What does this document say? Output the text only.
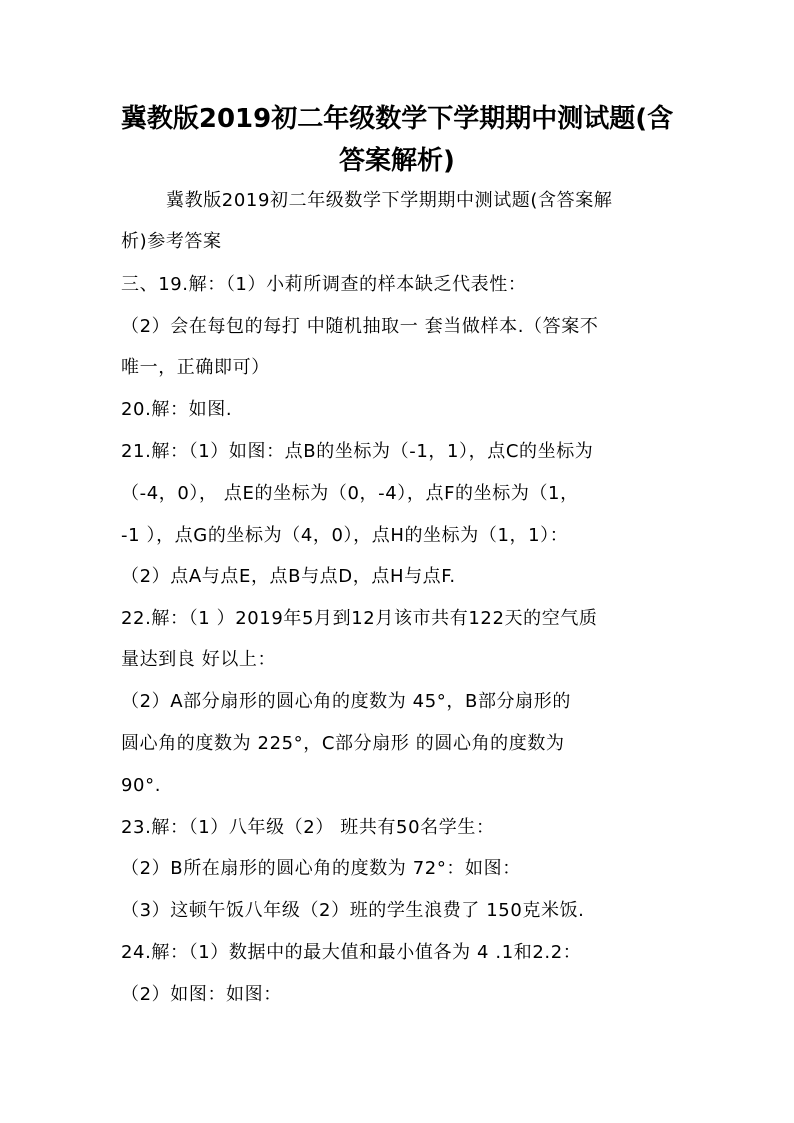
冀教版2019初二年级数学下学期期中测试题(含
答案解析)
冀教版2019初二年级数学下学期期中测试题(含答案解
析)参考答案
三、19.解：（1）小莉所调查的样本缺乏代表性：
（2）会在每包的每打 中随机抽取一 套当做样本.（答案不
唯一，正确即可）
20.解：如图.
21.解：（1）如图：点B的坐标为（-1，1），点C的坐标为
（-4，0）， 点E的坐标为（0，-4），点F的坐标为（1，
-1 ），点G的坐标为（4，0），点H的坐标为（1，1）：
（2）点A与点E，点B与点D，点H与点F.
22.解：（1 ）2019年5月到12月该市共有122天的空气质
量达到良 好以上：
（2）A部分扇形的圆心角的度数为 45°，B部分扇形的
圆心角的度数为 225°，C部分扇形 的圆心角的度数为
90°.
23.解：（1）八年级（2） 班共有50名学生：
（2）B所在扇形的圆心角的度数为 72°：如图：
（3）这顿午饭八年级（2）班的学生浪费了 150克米饭.
24.解：（1）数据中的最大值和最小值各为 4 .1和2.2：
（2）如图：如图：
